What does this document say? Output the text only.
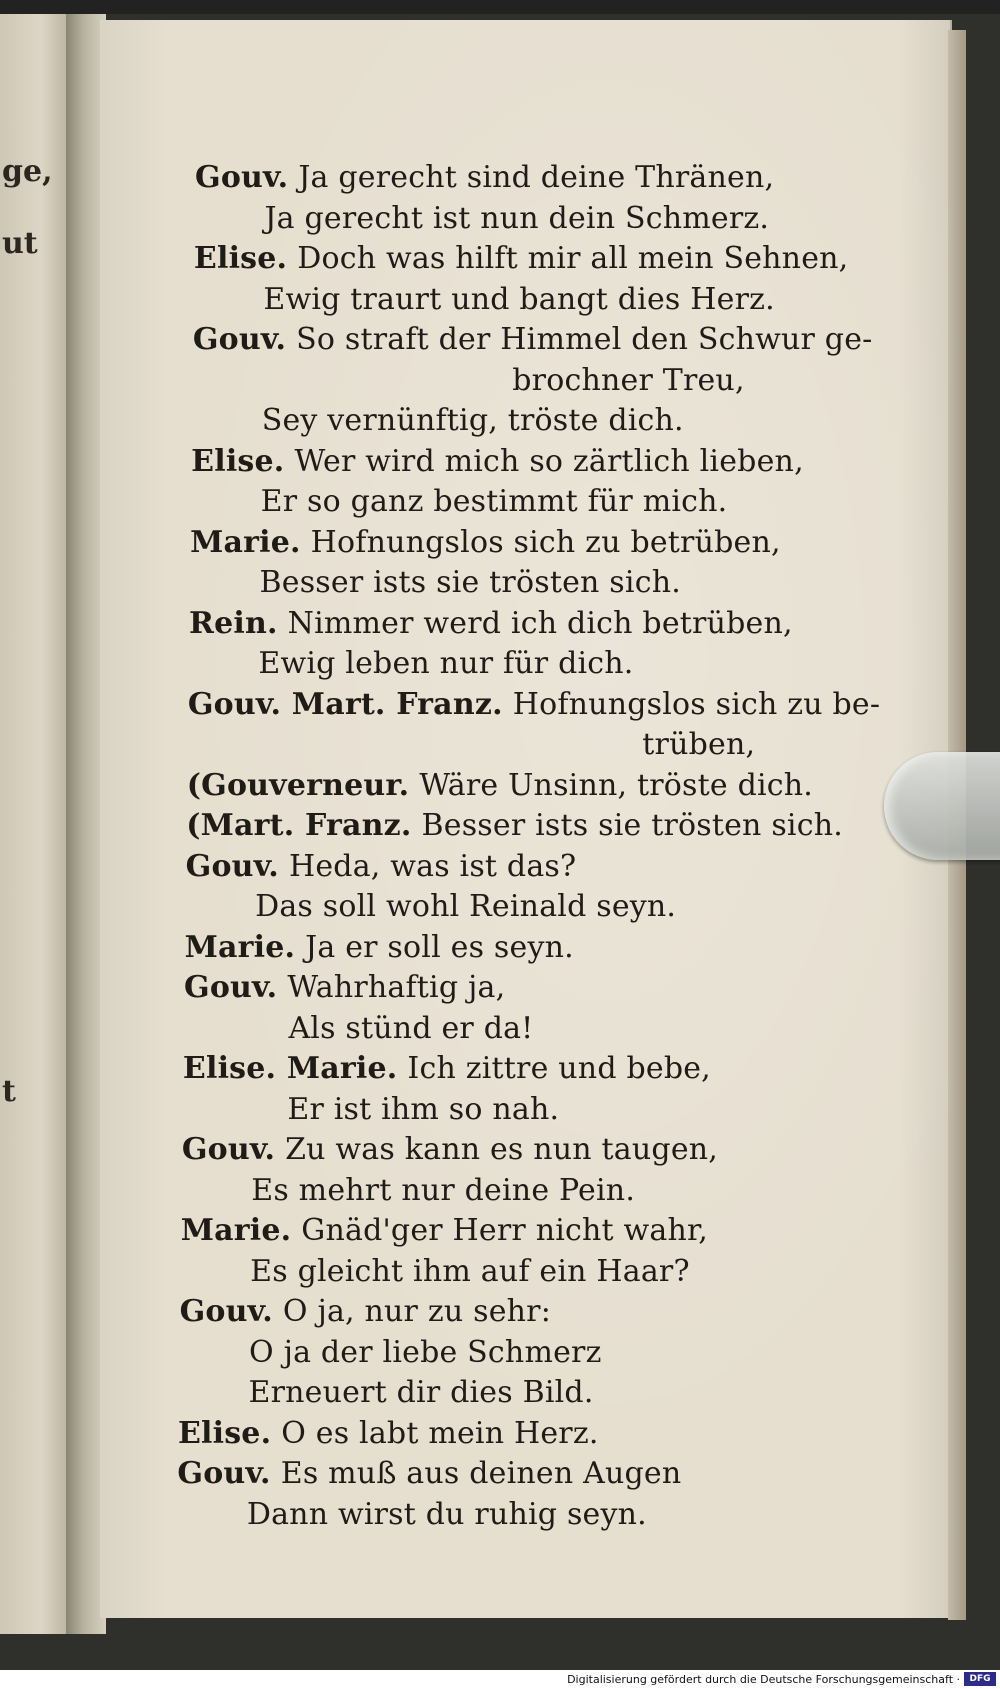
ge,
ut
t
Gouv. Ja gerecht sind deine Thränen,
Ja gerecht ist nun dein Schmerz.
Elise. Doch was hilft mir all mein Sehnen,
Ewig traurt und bangt dies Herz.
Gouv. So straft der Himmel den Schwur ge-
brochner Treu,
Sey vernünftig, tröste dich.
Elise. Wer wird mich so zärtlich lieben,
Er so ganz bestimmt für mich.
Marie. Hofnungslos sich zu betrüben,
Besser ists sie trösten sich.
Rein. Nimmer werd ich dich betrüben,
Ewig leben nur für dich.
Gouv. Mart. Franz. Hofnungslos sich zu be-
trüben,
(Gouverneur. Wäre Unsinn, tröste dich.
(Mart. Franz. Besser ists sie trösten sich.
Gouv. Heda, was ist das?
Das soll wohl Reinald seyn.
Marie. Ja er soll es seyn.
Gouv. Wahrhaftig ja,
Als stünd er da!
Elise. Marie. Ich zittre und bebe,
Er ist ihm so nah.
Gouv. Zu was kann es nun taugen,
Es mehrt nur deine Pein.
Marie. Gnäd'ger Herr nicht wahr,
Es gleicht ihm auf ein Haar?
Gouv. O ja, nur zu sehr:
O ja der liebe Schmerz
Erneuert dir dies Bild.
Elise. O es labt mein Herz.
Gouv. Es muß aus deinen Augen
Dann wirst du ruhig seyn.
Digitalisierung gefördert durch die Deutsche Forschungsgemeinschaft ·	DFG
